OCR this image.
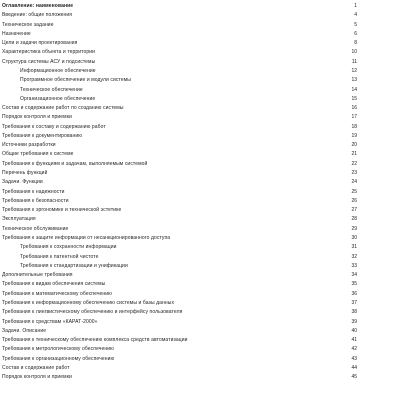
Оглавление: наименование	1
Введение: общие положения	4
Техническое задание	5
Назначение	6
Цели и задачи проектирования	8
Характеристика объекта и территории	10
Структура системы АСУ и подсистемы	11
Информационное обеспечение	12
Программное обеспечение и модули системы	13
Техническое обеспечение	14
Организационное обеспечение	15
Состав и содержание работ по созданию системы	16
Порядок контроля и приемки	17
Требования к составу и содержанию работ	18
Требования к документированию	19
Источники разработки	20
Общие требования к системе	21
Требования к функциям и задачам, выполняемым системой	22
Перечень функций	23
Задачи. Функции	24
Требования к надежности	25
Требования к безопасности	26
Требования к эргономике и технической эстетике	27
Эксплуатация	28
Техническое обслуживание	29
Требования к защите информации от несанкционированного доступа	30
Требования к сохранности информации	31
Требования к патентной чистоте	32
Требования к стандартизации и унификации	33
Дополнительные требования	34
Требования к видам обеспечения системы	35
Требования к математическому обеспечению	36
Требования к информационному обеспечению системы и базы данных	37
Требования к лингвистическому обеспечению и интерфейсу пользователя	38
Требования к средствам «КАРАТ-2000»	39
Задачи. Описание	40
Требования к техническому обеспечению комплекса средств автоматизации	41
Требования к метрологическому обеспечению	42
Требования к организационному обеспечению	43
Состав и содержание работ	44
Порядок контроля и приемки	45
